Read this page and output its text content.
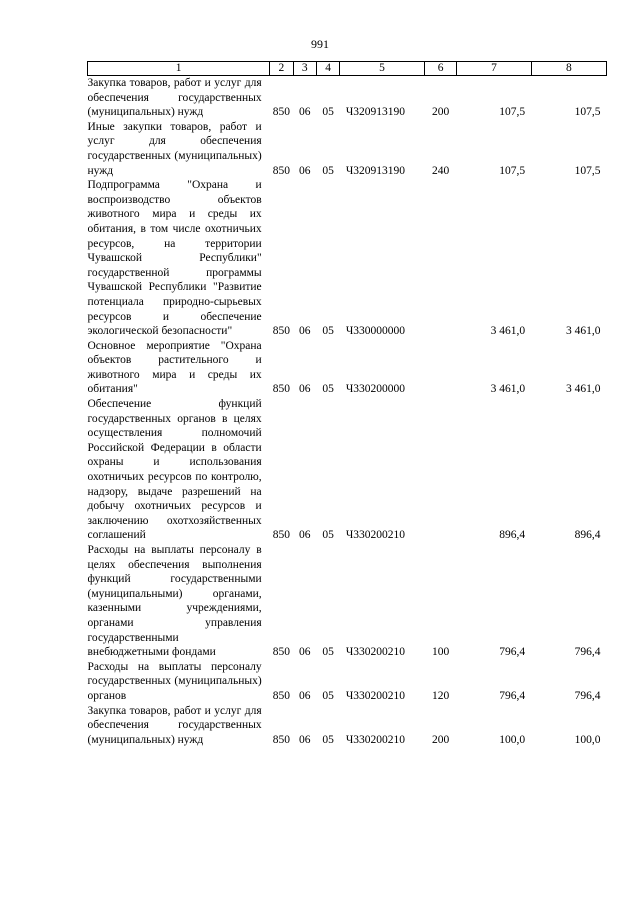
991
1	2	3	4	5	6	7	8
Закупка товаров, работ и услуг для обеспечения государственных (муниципальных) нужд	850	06	05	Ч320913190	200	107,5	107,5
Иные закупки товаров, работ и услуг для обеспечения государственных (муниципальных) нужд	850	06	05	Ч320913190	240	107,5	107,5
Подпрограмма "Охрана и воспроизводство объектов животного мира и среды их обитания, в том числе охотничьих ресурсов, на территории Чувашской Республики" государственной программы Чувашской Республики "Развитие потенциала природно-сырьевых ресурсов и обеспечение экологической безопасности"	850	06	05	Ч330000000		3 461,0	3 461,0
Основное мероприятие "Охрана объектов растительного и животного мира и среды их обитания"	850	06	05	Ч330200000		3 461,0	3 461,0
Обеспечение функций государственных органов в целях осуществления полномочий Российской Федерации в области охраны и использования охотничьих ресурсов по контролю, надзору, выдаче разрешений на добычу охотничьих ресурсов и заключению охотхозяйственных соглашений	850	06	05	Ч330200210		896,4	896,4
Расходы на выплаты персоналу в целях обеспечения выполнения функций государственными (муниципальными) органами, казенными учреждениями, органами управления государственными внебюджетными фондами	850	06	05	Ч330200210	100	796,4	796,4
Расходы на выплаты персоналу государственных (муниципальных) органов	850	06	05	Ч330200210	120	796,4	796,4
Закупка товаров, работ и услуг для обеспечения государственных (муниципальных) нужд	850	06	05	Ч330200210	200	100,0	100,0
